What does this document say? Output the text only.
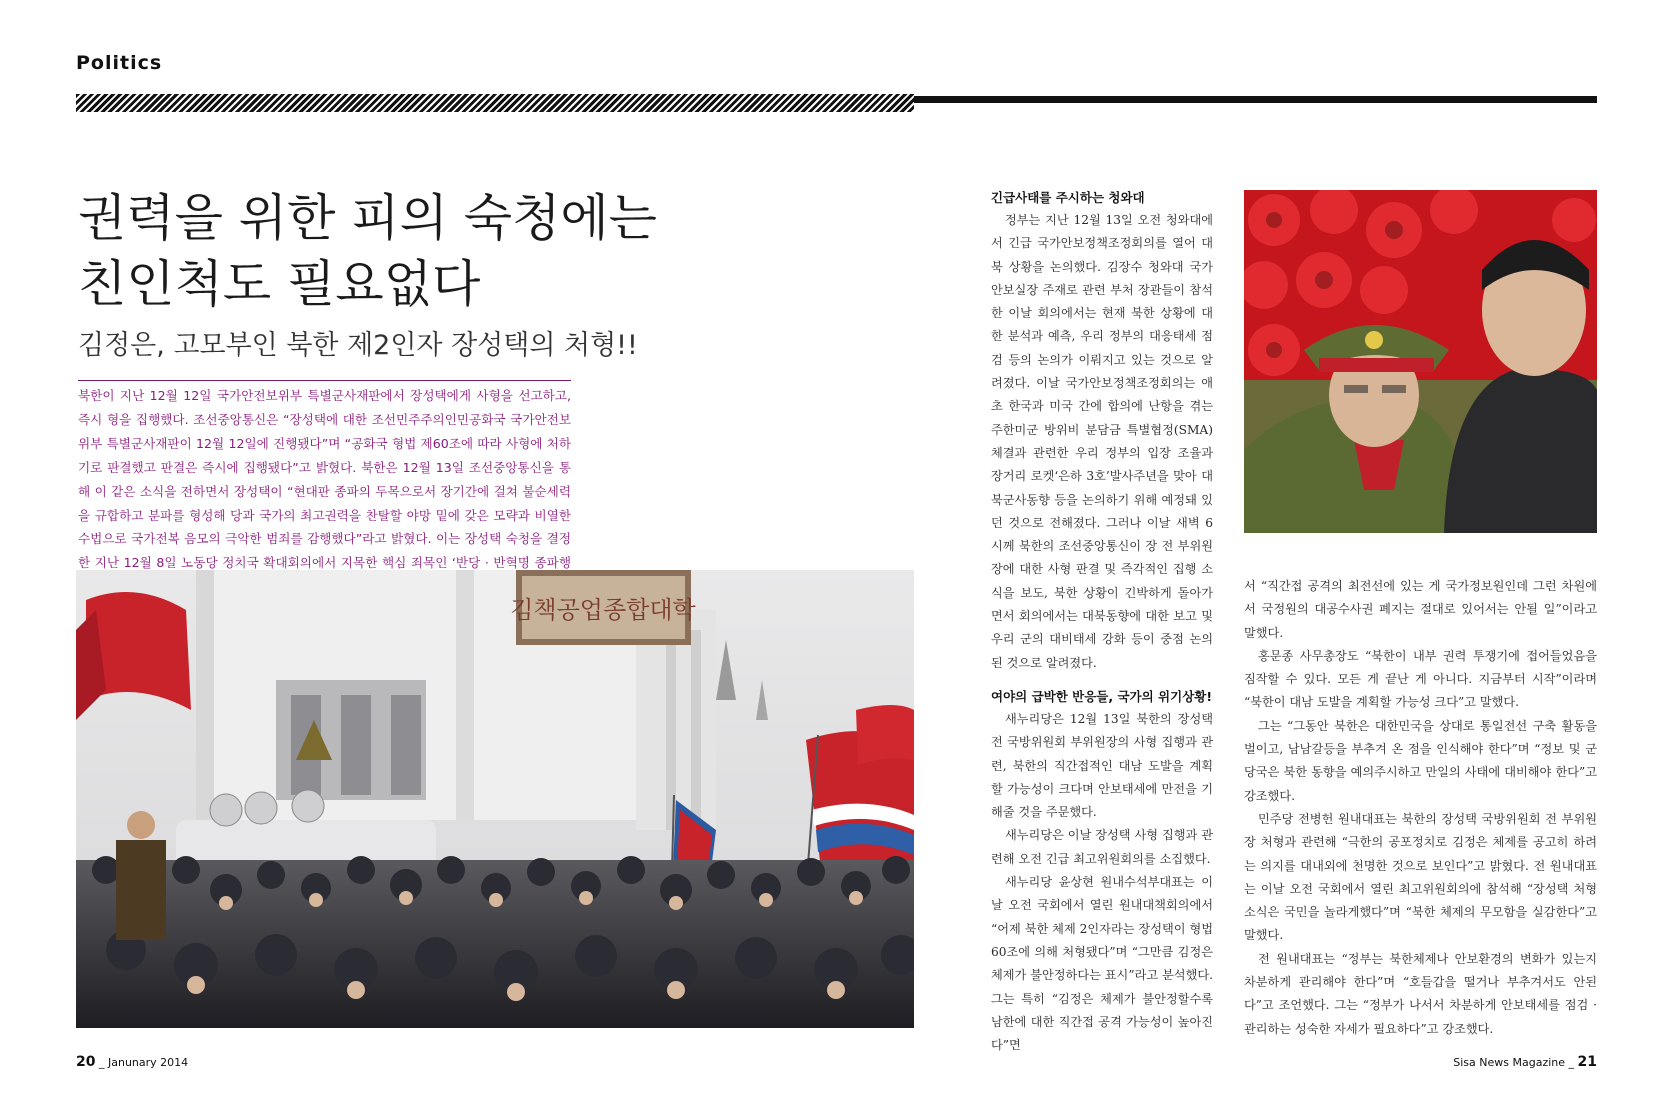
Politics
권력을 위한 피의 숙청에는
친인척도 필요없다
김정은, 고모부인 북한 제2인자 장성택의 처형!!
북한이 지난 12월 12일 국가안전보위부 특별군사재판에서 장성택에게 사형을 선고하고, 즉시 형을 집행했다. 조선중앙통신은 “장성택에 대한 조선민주주의인민공화국 국가안전보위부 특별군사재판이 12월 12일에 진행됐다”며 “공화국 형법 제60조에 따라 사형에 처하기로 판결했고 판결은 즉시에 집행됐다”고 밝혔다. 북한은 12월 13일 조선중앙통신을 통해 이 같은 소식을 전하면서 장성택이 “현대판 종파의 두목으로서 장기간에 걸쳐 불순세력을 규합하고 분파를 형성해 당과 국가의 최고권력을 찬탈할 야망 밑에 갖은 모략과 비열한 수법으로 국가전복 음모의 극악한 범죄를 감행했다”라고 밝혔다. 이는 장성택 숙청을 결정한 지난 12월 8일 노동당 정치국 확대회의에서 지목한 핵심 죄목인 ‘반당 · 반혁명 종파행
김책공업종합대학
긴급사태를 주시하는 청와대

정부는 지난 12월 13일 오전 청와대에서 긴급 국가안보정책조정회의를 열어 대북 상황을 논의했다. 김장수 청와대 국가안보실장 주재로 관련 부처 장관들이 참석한 이날 회의에서는 현재 북한 상황에 대한 분석과 예측, 우리 정부의 대응태세 점검 등의 논의가 이뤄지고 있는 것으로 알려졌다. 이날 국가안보정책조정회의는 애초 한국과 미국 간에 합의에 난항을 겪는 주한미군 방위비 분담금 특별협정(SMA) 체결과 관련한 우리 정부의 입장 조율과 장거리 로켓‘은하 3호’발사주년을 맞아 대북군사동향 등을 논의하기 위해 예정돼 있던 것으로 전해졌다. 그러나 이날 새벽 6시께 북한의 조선중앙통신이 장 전 부위원장에 대한 사형 판결 및 즉각적인 집행 소식을 보도, 북한 상황이 긴박하게 돌아가면서 회의에서는 대북동향에 대한 보고 및 우리 군의 대비태세 강화 등이 중점 논의된 것으로 알려졌다.

여야의 급박한 반응들, 국가의 위기상황!

새누리당은 12월 13일 북한의 장성택 전 국방위원회 부위원장의 사형 집행과 관련, 북한의 직간접적인 대남 도발을 계획할 가능성이 크다며 안보태세에 만전을 기해줄 것을 주문했다.

새누리당은 이날 장성택 사형 집행과 관련해 오전 긴급 최고위원회의를 소집했다.

새누리당 윤상현 원내수석부대표는 이날 오전 국회에서 열린 원내대책회의에서 “어제 북한 체제 2인자라는 장성택이 형법 60조에 의해 처형됐다”며 “그만큼 김정은 체제가 불안정하다는 표시”라고 분석했다. 그는 특히 “김정은 체제가 불안정할수록 남한에 대한 직간접 공격 가능성이 높아진다”면

서 “직간접 공격의 최전선에 있는 게 국가정보원인데 그런 차원에서 국정원의 대공수사권 폐지는 절대로 있어서는 안될 일”이라고 말했다.

홍문종 사무총장도 “북한이 내부 권력 투쟁기에 접어들었음을 짐작할 수 있다. 모든 게 끝난 게 아니다. 지금부터 시작”이라며 “북한이 대남 도발을 계획할 가능성 크다”고 말했다.

그는 “그동안 북한은 대한민국을 상대로 통일전선 구축 활동을 벌이고, 남남갈등을 부추겨 온 점을 인식해야 한다”며 “정보 및 군당국은 북한 동향을 예의주시하고 만일의 사태에 대비해야 한다”고 강조했다.

민주당 전병헌 원내대표는 북한의 장성택 국방위원회 전 부위원장 처형과 관련해 “극한의 공포정치로 김정은 체제를 공고히 하려는 의지를 대내외에 천명한 것으로 보인다”고 밝혔다. 전 원내대표는 이날 오전 국회에서 열린 최고위원회의에 참석해 “장성택 처형 소식은 국민을 놀라게했다”며 “북한 체제의 무모함을 실감한다”고 말했다.

전 원내대표는 “정부는 북한체제나 안보환경의 변화가 있는지 차분하게 관리해야 한다”며 “호들갑을 떨거나 부추겨서도 안된다”고 조언했다. 그는 “정부가 나서서 차분하게 안보태세를 점검 · 관리하는 성숙한 자세가 필요하다”고 강조했다.

20 _ Janunary 2014	Sisa News Magazine _ 21
